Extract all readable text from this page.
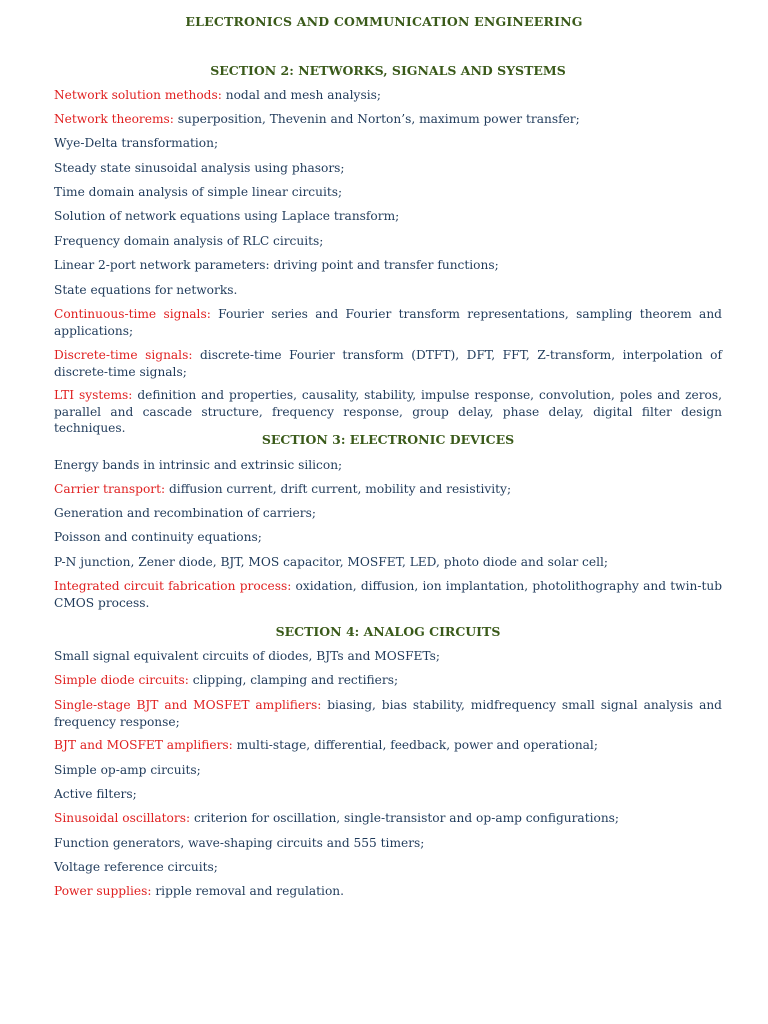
ELECTRONICS AND COMMUNICATION ENGINEERING
SECTION 2: NETWORKS, SIGNALS AND SYSTEMS

Network solution methods: nodal and mesh analysis;

Network theorems: superposition, Thevenin and Norton’s, maximum power transfer;

Wye-Delta transformation;

Steady state sinusoidal analysis using phasors;

Time domain analysis of simple linear circuits;

Solution of network equations using Laplace transform;

Frequency domain analysis of RLC circuits;

Linear 2-port network parameters: driving point and transfer functions;

State equations for networks.

Continuous-time signals: Fourier series and Fourier transform representations, sampling theorem and applications;

Discrete-time signals: discrete-time Fourier transform (DTFT), DFT, FFT, Z-transform, interpolation of discrete-time signals;

LTI systems: definition and properties, causality, stability, impulse response, convolution, poles and zeros, parallel and cascade structure, frequency response, group delay, phase delay, digital filter design techniques.

SECTION 3: ELECTRONIC DEVICES

Energy bands in intrinsic and extrinsic silicon;

Carrier transport: diffusion current, drift current, mobility and resistivity;

Generation and recombination of carriers;

Poisson and continuity equations;

P-N junction, Zener diode, BJT, MOS capacitor, MOSFET, LED, photo diode and solar cell;

Integrated circuit fabrication process: oxidation, diffusion, ion implantation, photolithography and twin-tub CMOS process.

SECTION 4: ANALOG CIRCUITS

Small signal equivalent circuits of diodes, BJTs and MOSFETs;

Simple diode circuits: clipping, clamping and rectifiers;

Single-stage BJT and MOSFET amplifiers: biasing, bias stability, midfrequency small signal analysis and frequency response;

BJT and MOSFET amplifiers: multi-stage, differential, feedback, power and operational;

Simple op-amp circuits;

Active filters;

Sinusoidal oscillators: criterion for oscillation, single-transistor and op-amp configurations;

Function generators, wave-shaping circuits and 555 timers;

Voltage reference circuits;

Power supplies: ripple removal and regulation.
